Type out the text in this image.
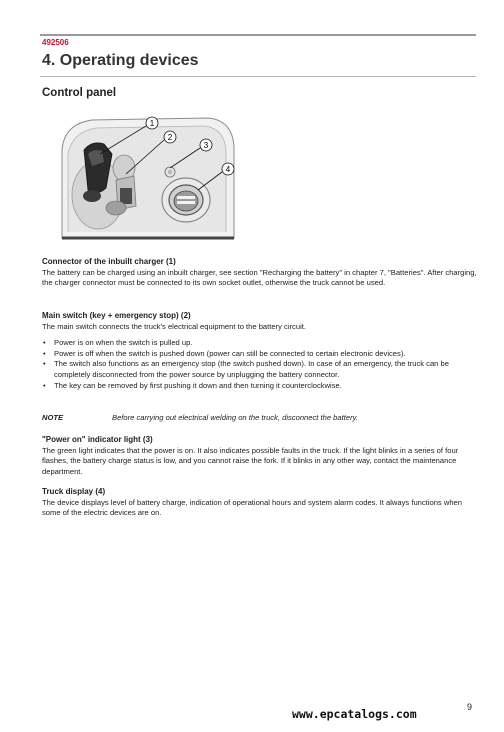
492506
4. Operating devices
Control panel
1
2
3
4

Connector of the inbuilt charger (1)

The battery can be charged using an inbuilt charger, see section "Recharging the battery" in chapter 7, "Batteries". After charging, the charger connector must be connected to its own socket outlet, otherwise the truck cannot be used.

Main switch (key + emergency stop) (2)

The main switch connects the truck's electrical equipment to the battery circuit.

• Power is on when the switch is pulled up.
• Power is off when the switch is pushed down (power can still be connected to certain electronic devices).
• The switch also functions as an emergency stop (the switch pushed down). In case of an emergency, the truck can be completely disconnected from the power source by unplugging the battery connector.
• The key can be removed by first pushing it down and then turning it counterclockwise.
NOTE	Before carrying out electrical welding on the truck, disconnect the battery.

"Power on" indicator light (3)

The green light indicates that the power is on. It also indicates possible faults in the truck. If the light blinks in a series of four flashes, the battery charge status is low, and you cannot raise the fork. If it blinks in any other way, contact the maintenance department.

Truck display (4)

The device displays level of battery charge, indication of operational hours and system alarm codes. It always functions when some of the electric devices are on.

9
www.epcatalogs.com
